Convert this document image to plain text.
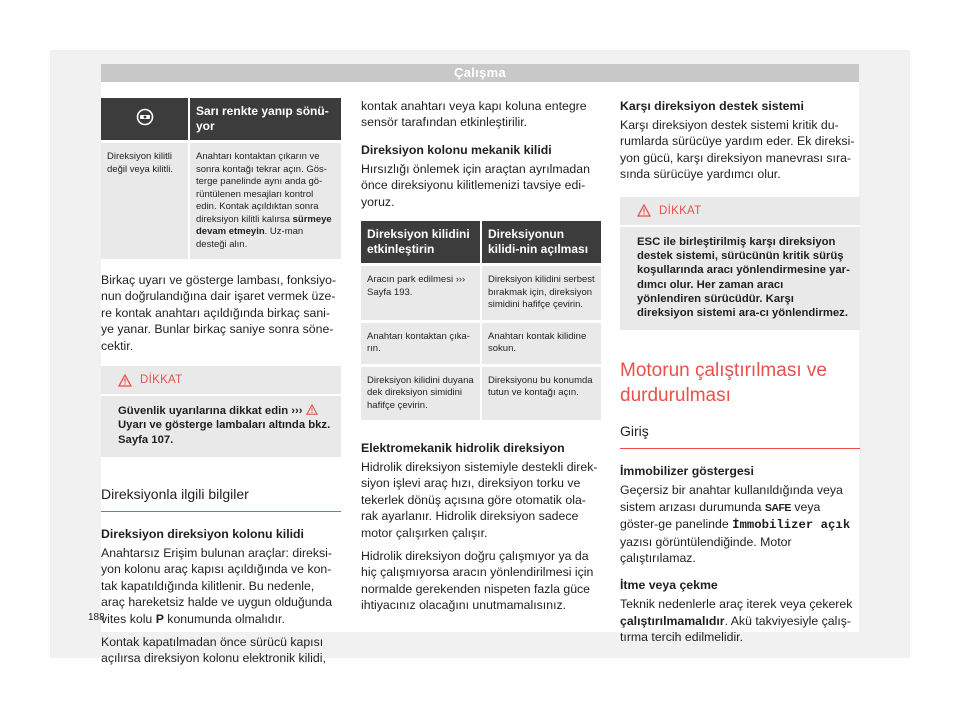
Çalışma
188
	Sarı renkte yanıp sönü-yor
Direksiyon kilitli değil veya kilitli.	Anahtarı kontaktan çıkarın ve sonra kontağı tekrar açın. Gös-terge panelinde aynı anda gö-rüntülenen mesajları kontrol edin. Kontak açıldıktan sonra direksiyon kilitli kalırsa sürmeye devam etmeyin. Uz-man desteği alın.

Birkaç uyarı ve gösterge lambası, fonksiyo-nun doğrulandığına dair işaret vermek üze-re kontak anahtarı açıldığında birkaç sani-ye yanar. Bunlar birkaç saniye sonra söne-cektir.

DİKKAT
Güvenlik uyarılarına dikkat edin ›››
Uyarı ve gösterge lambaları altında bkz. Sayfa 107.
Direksiyonla ilgili bilgiler
Direksiyon direksiyon kolonu kilidi

Anahtarsız Erişim bulunan araçlar: direksi-yon kolonu araç kapısı açıldığında ve kon-tak kapatıldığında kilitlenir. Bu nedenle, araç hareketsiz halde ve uygun olduğunda vites kolu P konumunda olmalıdır.

Kontak kapatılmadan önce sürücü kapısı açılırsa direksiyon kolonu elektronik kilidi,

kontak anahtarı veya kapı koluna entegre sensör tarafından etkinleştirilir.

Direksiyon kolonu mekanik kilidi

Hırsızlığı önlemek için araçtan ayrılmadan önce direksiyonu kilitlemenizi tavsiye edi-yoruz.

Direksiyon kilidini etkinleştirin	Direksiyonun kilidi-nin açılması
Aracın park edilmesi ››› Sayfa 193.	Direksiyon kilidini serbest bırakmak için, direksiyon simidini hafifçe çevirin.
Anahtarı kontaktan çıka-rın.	Anahtarı kontak kilidine sokun.
Direksiyon kilidini duyana dek direksiyon simidini hafifçe çevirin.	Direksiyonu bu konumda tutun ve kontağı açın.
Elektromekanik hidrolik direksiyon

Hidrolik direksiyon sistemiyle destekli direk-siyon işlevi araç hızı, direksiyon torku ve tekerlek dönüş açısına göre otomatik ola-rak ayarlanır. Hidrolik direksiyon sadece motor çalışırken çalışır.

Hidrolik direksiyon doğru çalışmıyor ya da hiç çalışmıyorsa aracın yönlendirilmesi için normalde gerekenden nispeten fazla güce ihtiyacınız olacağını unutmamalısınız.

Karşı direksiyon destek sistemi

Karşı direksiyon destek sistemi kritik du-rumlarda sürücüye yardım eder. Ek direksi-yon gücü, karşı direksiyon manevrası sıra-sında sürücüye yardımcı olur.

DİKKAT
ESC ile birleştirilmiş karşı direksiyon destek sistemi, sürücünün kritik sürüş koşullarında aracı yönlendirmesine yar-dımcı olur. Her zaman aracı yönlendiren sürücüdür. Karşı direksiyon sistemi ara-cı yönlendirmez.
Motorun çalıştırılması ve durdurulması
Giriş
İmmobilizer göstergesi

Geçersiz bir anahtar kullanıldığında veya sistem arızası durumunda SAFE veya göster-ge panelinde İmmobilizer açık yazısı görüntülendiğinde. Motor çalıştırılamaz.

İtme veya çekme

Teknik nedenlerle araç iterek veya çekerek çalıştırılmamalıdır. Akü takviyesiyle çalış-tırma tercih edilmelidir.
